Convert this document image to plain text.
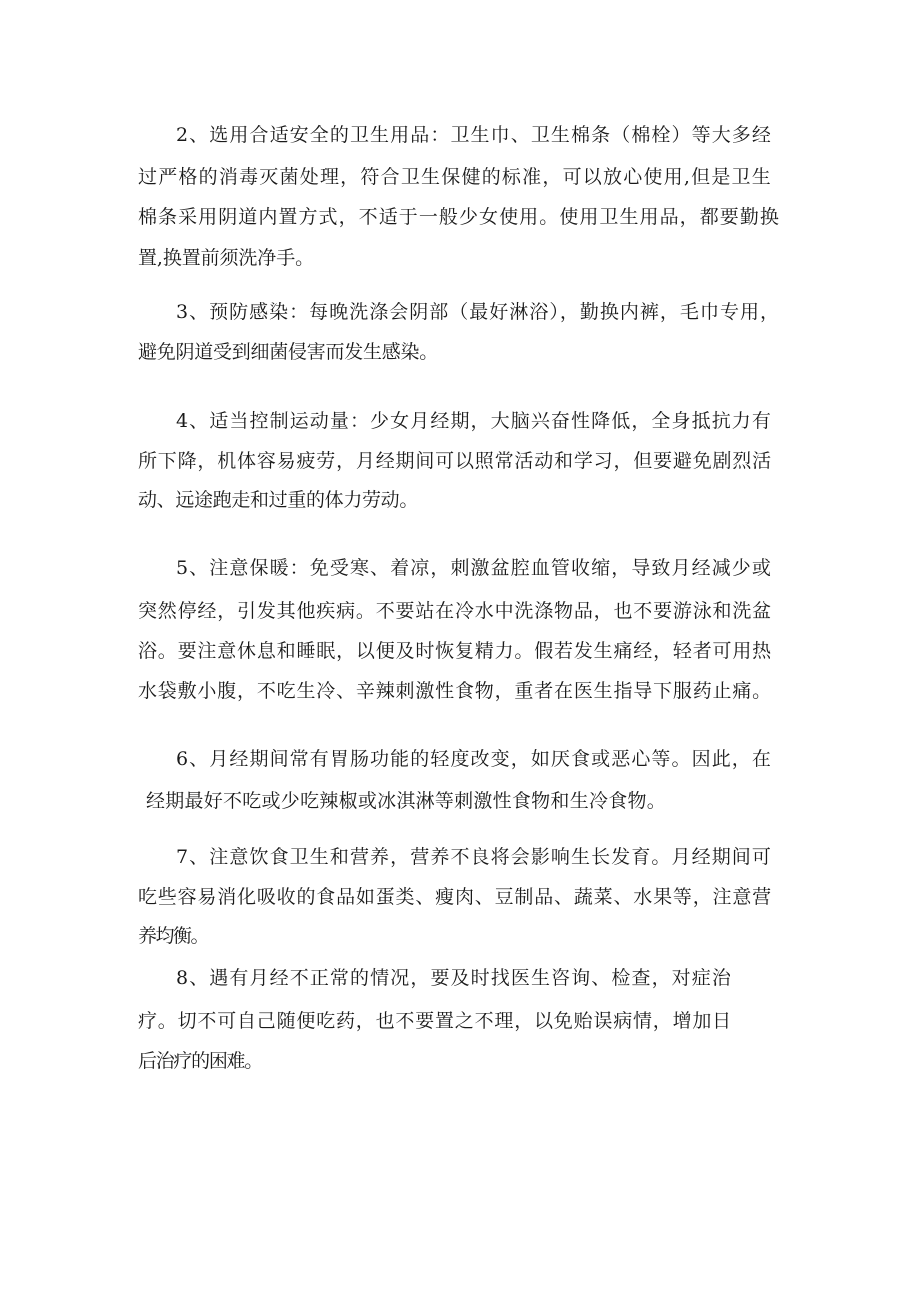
2、选用合适安全的卫生用品：卫生巾、卫生棉条（棉栓）等大多经
过严格的消毒灭菌处理，符合卫生保健的标准，可以放心使用,但是卫生
棉条采用阴道内置方式，不适于一般少女使用。使用卫生用品，都要勤换
置,换置前须洗净手。
3、预防感染：每晚洗涤会阴部（最好淋浴），勤换内裤，毛巾专用，
避免阴道受到细菌侵害而发生感染。
4、适当控制运动量：少女月经期，大脑兴奋性降低，全身抵抗力有
所下降，机体容易疲劳，月经期间可以照常活动和学习，但要避免剧烈活
动、远途跑走和过重的体力劳动。
5、注意保暖：免受寒、着凉，刺激盆腔血管收缩，导致月经减少或
突然停经，引发其他疾病。不要站在冷水中洗涤物品，也不要游泳和洗盆
浴。要注意休息和睡眠，以便及时恢复精力。假若发生痛经，轻者可用热
水袋敷小腹，不吃生冷、辛辣刺激性食物，重者在医生指导下服药止痛。
6、月经期间常有胃肠功能的轻度改变，如厌食或恶心等。因此，在
经期最好不吃或少吃辣椒或冰淇淋等刺激性食物和生冷食物。
7、注意饮食卫生和营养，营养不良将会影响生长发育。月经期间可
吃些容易消化吸收的食品如蛋类、瘦肉、豆制品、蔬菜、水果等，注意营
养均衡。
8、遇有月经不正常的情况，要及时找医生咨询、检查，对症治
疗。切不可自己随便吃药，也不要置之不理，以免贻误病情，增加日
后治疗的困难。
